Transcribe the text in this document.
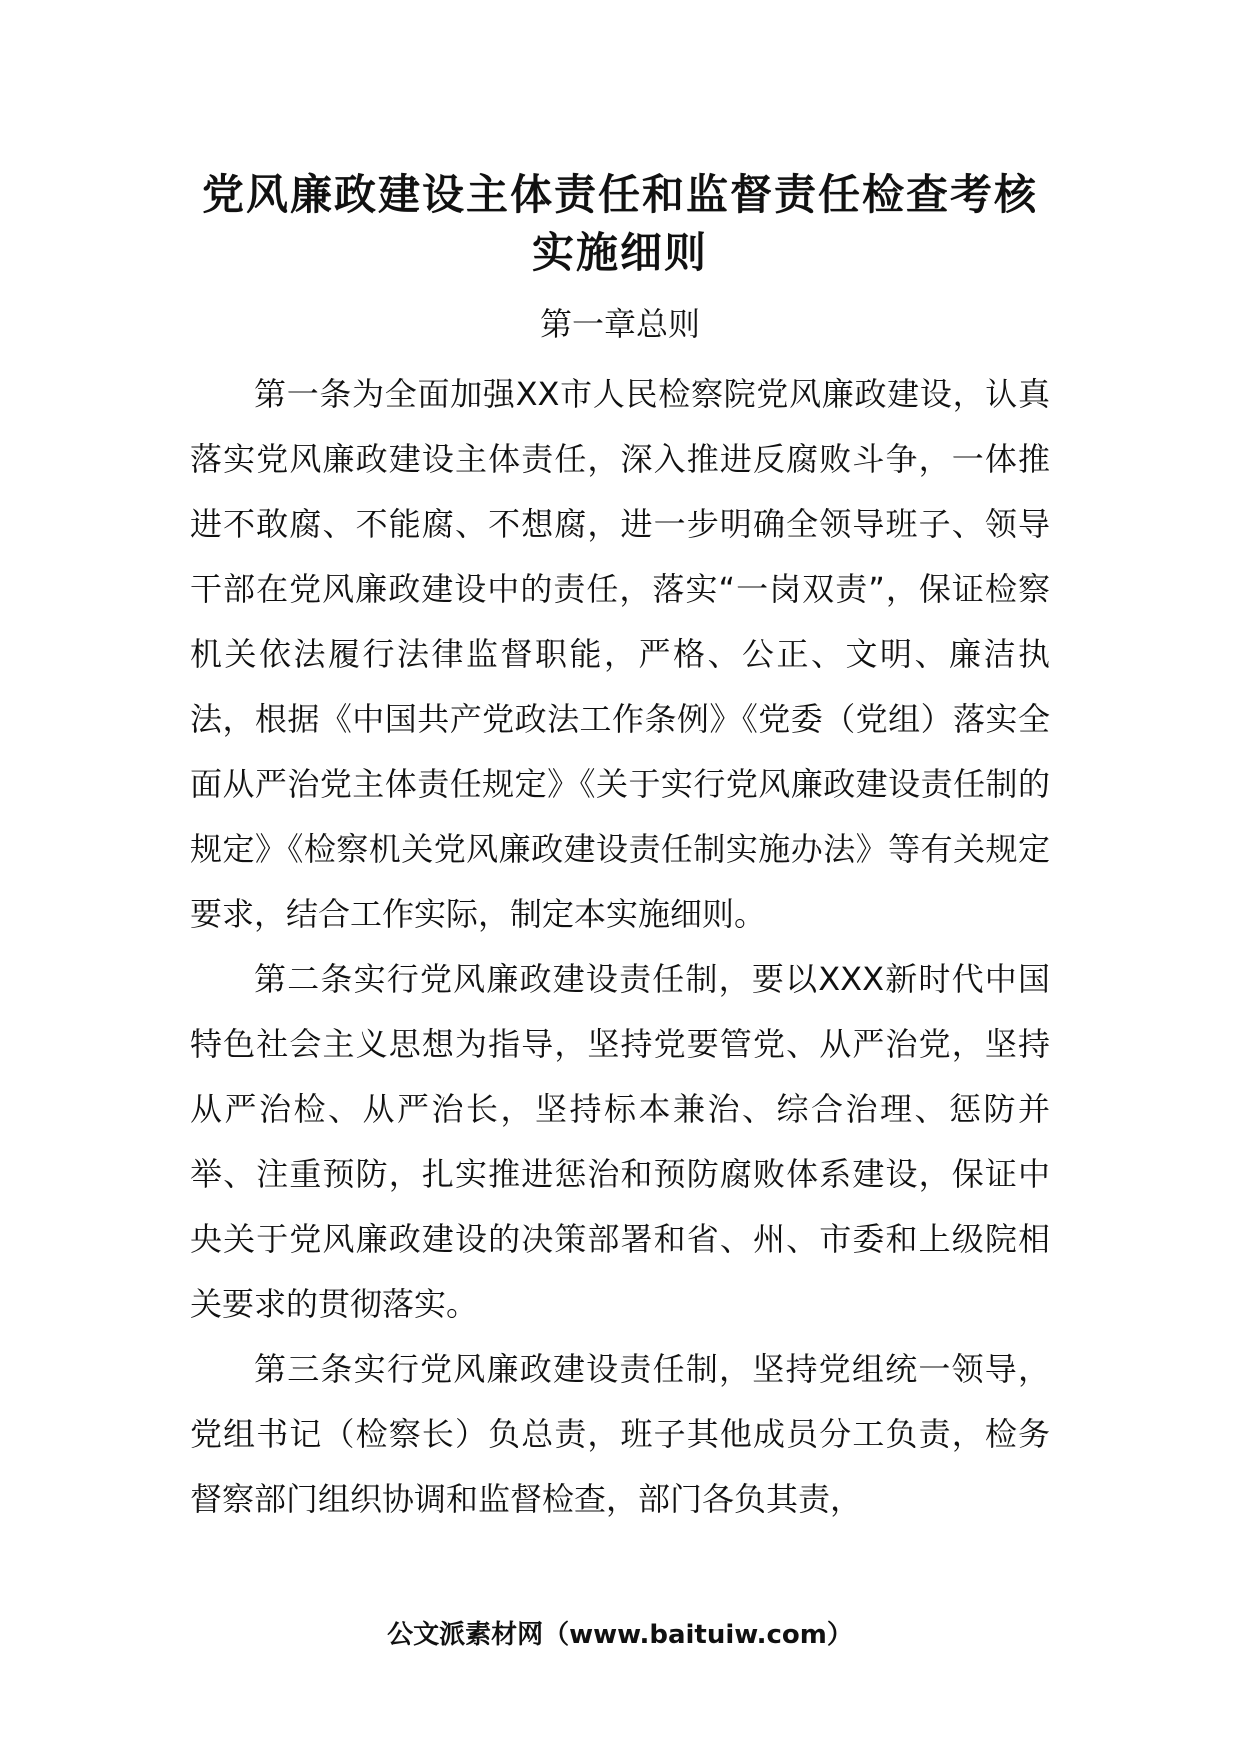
党风廉政建设主体责任和监督责任检查考核实施细则
第一章总则

第一条为全面加强XX市人民检察院党风廉政建设，认真落实党风廉政建设主体责任，深入推进反腐败斗争，一体推进不敢腐、不能腐、不想腐，进一步明确全领导班子、领导干部在党风廉政建设中的责任，落实“一岗双责”，保证检察机关依法履行法律监督职能，严格、公正、文明、廉洁执法，根据《中国共产党政法工作条例》《党委（党组）落实全面从严治党主体责任规定》《关于实行党风廉政建设责任制的规定》《检察机关党风廉政建设责任制实施办法》等有关规定要求，结合工作实际，制定本实施细则。

第二条实行党风廉政建设责任制，要以XXX新时代中国特色社会主义思想为指导，坚持党要管党、从严治党，坚持从严治检、从严治长，坚持标本兼治、综合治理、惩防并举、注重预防，扎实推进惩治和预防腐败体系建设，保证中央关于党风廉政建设的决策部署和省、州、市委和上级院相关要求的贯彻落实。

第三条实行党风廉政建设责任制，坚持党组统一领导，党组书记（检察长）负总责，班子其他成员分工负责，检务督察部门组织协调和监督检查，部门各负其责，

公文派素材网（www.baituiw.com）
